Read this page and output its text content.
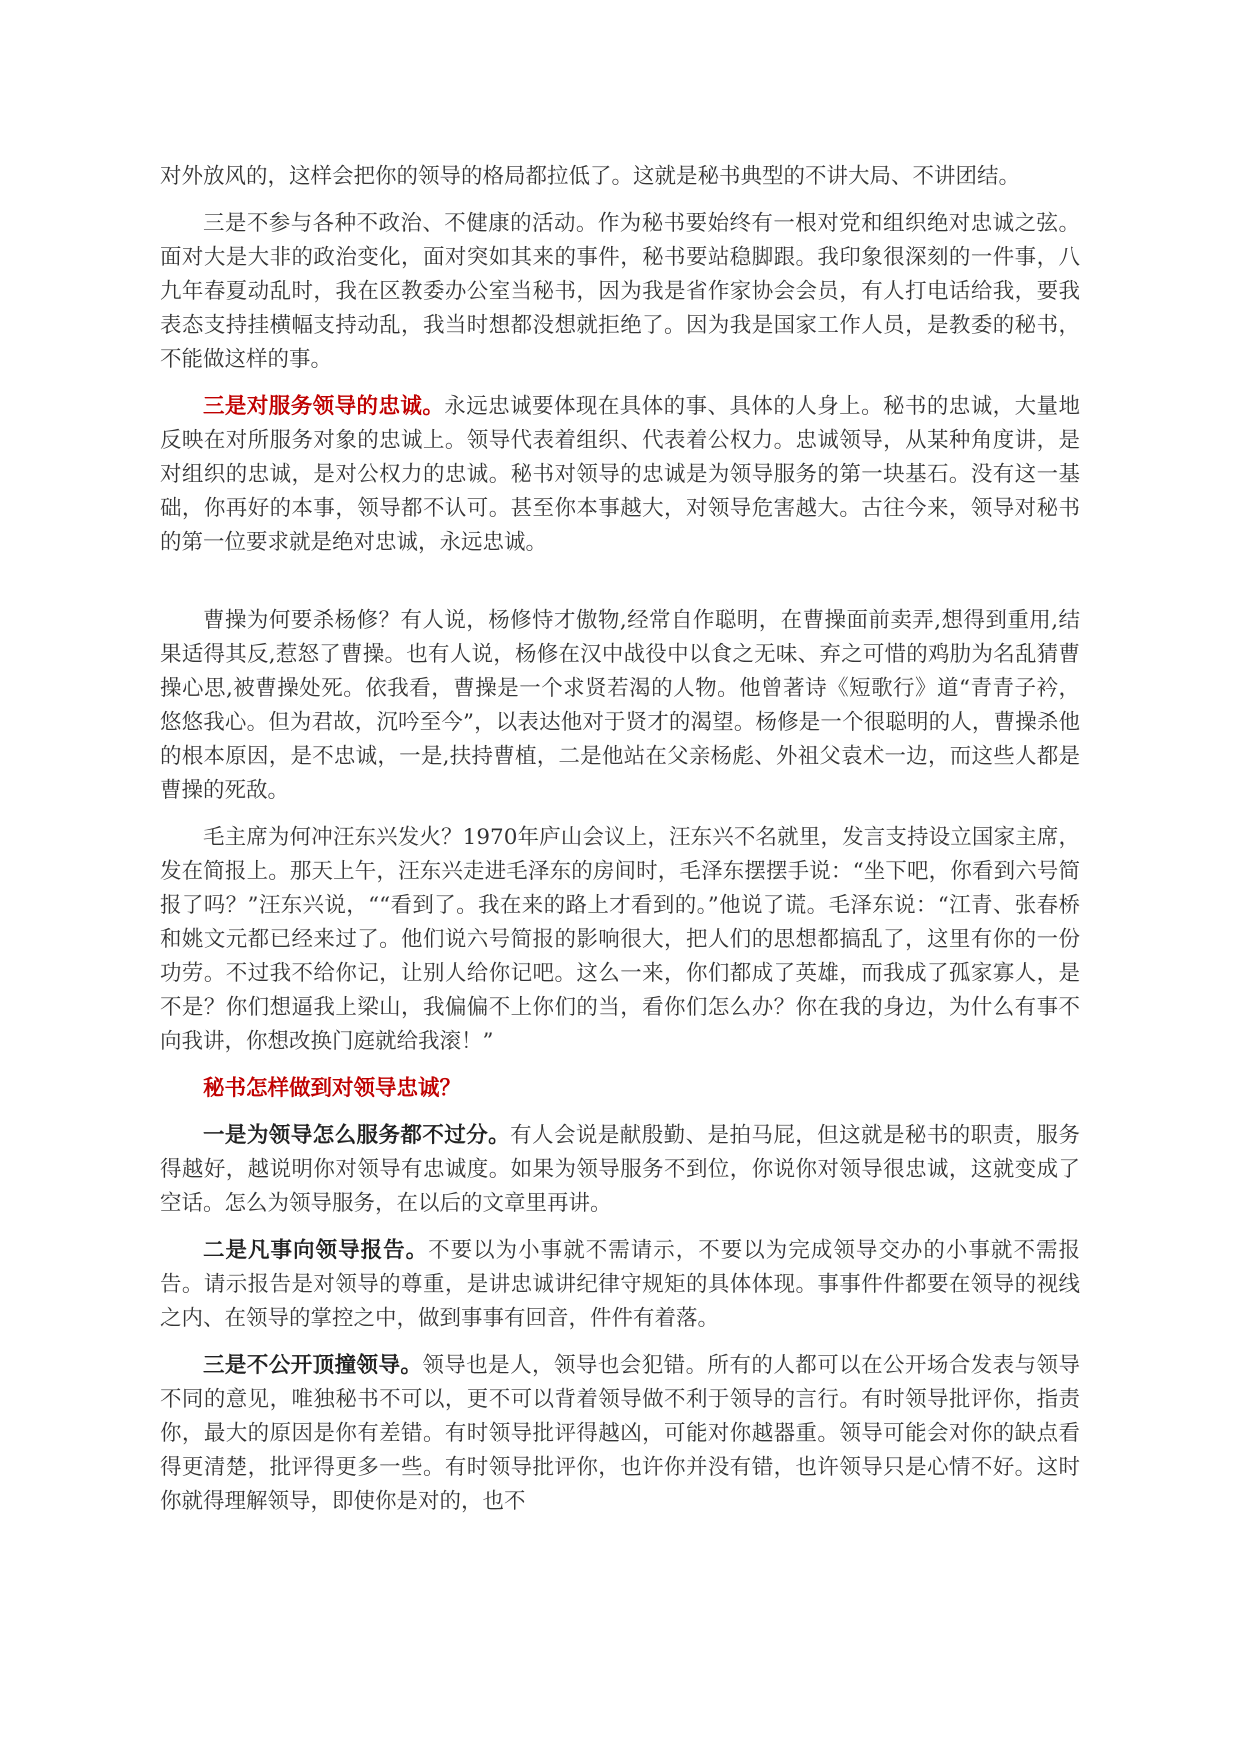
对外放风的，这样会把你的领导的格局都拉低了。这就是秘书典型的不讲大局、不讲团结。

三是不参与各种不政治、不健康的活动。作为秘书要始终有一根对党和组织绝对忠诚之弦。面对大是大非的政治变化，面对突如其来的事件，秘书要站稳脚跟。我印象很深刻的一件事，八九年春夏动乱时，我在区教委办公室当秘书，因为我是省作家协会会员，有人打电话给我，要我表态支持挂横幅支持动乱，我当时想都没想就拒绝了。因为我是国家工作人员，是教委的秘书，不能做这样的事。

三是对服务领导的忠诚。永远忠诚要体现在具体的事、具体的人身上。秘书的忠诚，大量地反映在对所服务对象的忠诚上。领导代表着组织、代表着公权力。忠诚领导，从某种角度讲，是对组织的忠诚，是对公权力的忠诚。秘书对领导的忠诚是为领导服务的第一块基石。没有这一基础，你再好的本事，领导都不认可。甚至你本事越大，对领导危害越大。古往今来，领导对秘书的第一位要求就是绝对忠诚，永远忠诚。

曹操为何要杀杨修？有人说，杨修恃才傲物,经常自作聪明，在曹操面前卖弄,想得到重用,结果适得其反,惹怒了曹操。也有人说，杨修在汉中战役中以食之无味、弃之可惜的鸡肋为名乱猜曹操心思,被曹操处死。依我看，曹操是一个求贤若渴的人物。他曾著诗《短歌行》道“青青子衿，悠悠我心。但为君故，沉吟至今”，以表达他对于贤才的渴望。杨修是一个很聪明的人，曹操杀他的根本原因，是不忠诚，一是,扶持曹植，二是他站在父亲杨彪、外祖父袁术一边，而这些人都是曹操的死敌。

毛主席为何冲汪东兴发火？1970年庐山会议上，汪东兴不名就里，发言支持设立国家主席，发在简报上。那天上午，汪东兴走进毛泽东的房间时，毛泽东摆摆手说：“坐下吧，你看到六号简报了吗？”汪东兴说，““看到了。我在来的路上才看到的。”他说了谎。毛泽东说：“江青、张春桥和姚文元都已经来过了。他们说六号简报的影响很大，把人们的思想都搞乱了，这里有你的一份功劳。不过我不给你记，让别人给你记吧。这么一来，你们都成了英雄，而我成了孤家寡人，是不是？你们想逼我上梁山，我偏偏不上你们的当，看你们怎么办？你在我的身边，为什么有事不向我讲，你想改换门庭就给我滚！”

秘书怎样做到对领导忠诚？

一是为领导怎么服务都不过分。有人会说是献殷勤、是拍马屁，但这就是秘书的职责，服务得越好，越说明你对领导有忠诚度。如果为领导服务不到位，你说你对领导很忠诚，这就变成了空话。怎么为领导服务，在以后的文章里再讲。

二是凡事向领导报告。不要以为小事就不需请示，不要以为完成领导交办的小事就不需报告。请示报告是对领导的尊重，是讲忠诚讲纪律守规矩的具体体现。事事件件都要在领导的视线之内、在领导的掌控之中，做到事事有回音，件件有着落。

三是不公开顶撞领导。领导也是人，领导也会犯错。所有的人都可以在公开场合发表与领导不同的意见，唯独秘书不可以，更不可以背着领导做不利于领导的言行。有时领导批评你，指责你，最大的原因是你有差错。有时领导批评得越凶，可能对你越器重。领导可能会对你的缺点看得更清楚，批评得更多一些。有时领导批评你，也许你并没有错，也许领导只是心情不好。这时你就得理解领导，即使你是对的，也不
